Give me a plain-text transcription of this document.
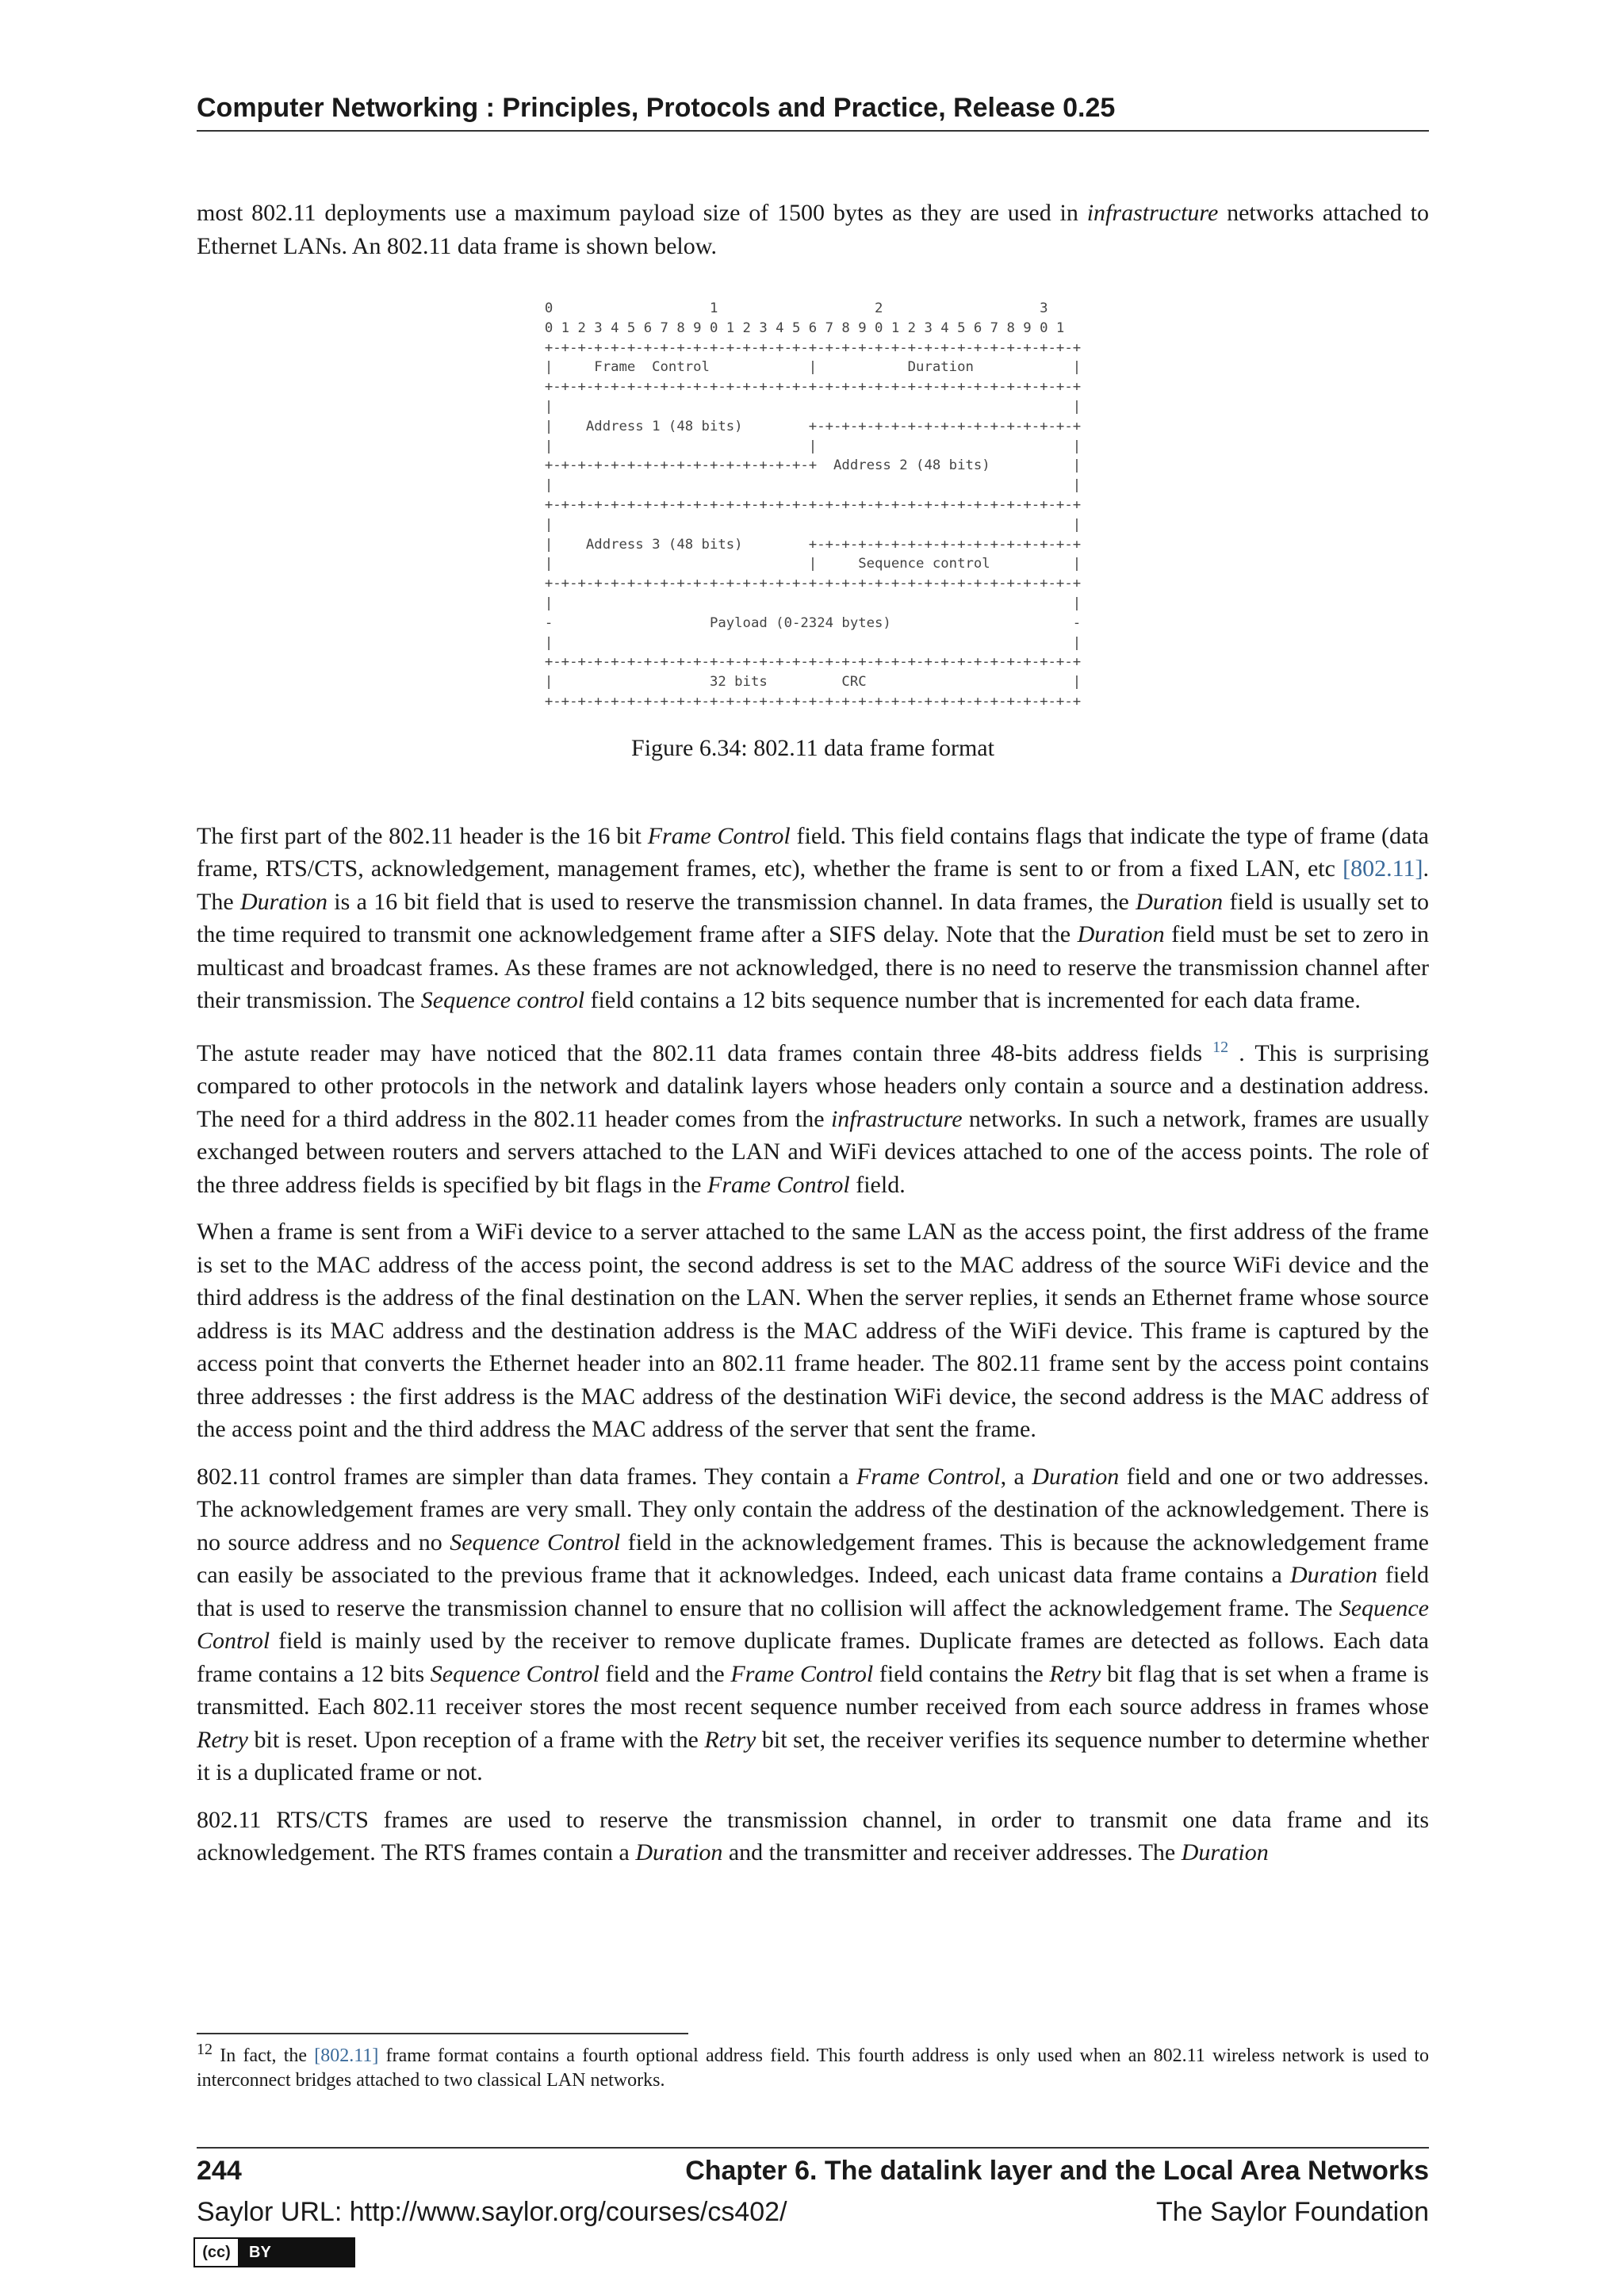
Computer Networking : Principles, Protocols and Practice, Release 0.25

most 802.11 deployments use a maximum payload size of 1500 bytes as they are used in infrastructure networks attached to Ethernet LANs. An 802.11 data frame is shown below.

0                   1                   2                   3
0 1 2 3 4 5 6 7 8 9 0 1 2 3 4 5 6 7 8 9 0 1 2 3 4 5 6 7 8 9 0 1
+-+-+-+-+-+-+-+-+-+-+-+-+-+-+-+-+-+-+-+-+-+-+-+-+-+-+-+-+-+-+-+-+
|     Frame  Control            |           Duration            |
+-+-+-+-+-+-+-+-+-+-+-+-+-+-+-+-+-+-+-+-+-+-+-+-+-+-+-+-+-+-+-+-+
|                                                               |
|    Address 1 (48 bits)        +-+-+-+-+-+-+-+-+-+-+-+-+-+-+-+-+
|                               |                               |
+-+-+-+-+-+-+-+-+-+-+-+-+-+-+-+-+  Address 2 (48 bits)          |
|                                                               |
+-+-+-+-+-+-+-+-+-+-+-+-+-+-+-+-+-+-+-+-+-+-+-+-+-+-+-+-+-+-+-+-+
|                                                               |
|    Address 3 (48 bits)        +-+-+-+-+-+-+-+-+-+-+-+-+-+-+-+-+
|                               |     Sequence control          |
+-+-+-+-+-+-+-+-+-+-+-+-+-+-+-+-+-+-+-+-+-+-+-+-+-+-+-+-+-+-+-+-+
|                                                               |
-                   Payload (0-2324 bytes)                      -
|                                                               |
+-+-+-+-+-+-+-+-+-+-+-+-+-+-+-+-+-+-+-+-+-+-+-+-+-+-+-+-+-+-+-+-+
|                   32 bits         CRC                         |
+-+-+-+-+-+-+-+-+-+-+-+-+-+-+-+-+-+-+-+-+-+-+-+-+-+-+-+-+-+-+-+-+
Figure 6.34: 802.11 data frame format

The first part of the 802.11 header is the 16 bit Frame Control field. This field contains flags that indicate the type of frame (data frame, RTS/CTS, acknowledgement, management frames, etc), whether the frame is sent to or from a fixed LAN, etc [802.11]. The Duration is a 16 bit field that is used to reserve the transmission channel. In data frames, the Duration field is usually set to the time required to transmit one acknowledgement frame after a SIFS delay. Note that the Duration field must be set to zero in multicast and broadcast frames. As these frames are not acknowledged, there is no need to reserve the transmission channel after their transmission. The Sequence control field contains a 12 bits sequence number that is incremented for each data frame.

The astute reader may have noticed that the 802.11 data frames contain three 48-bits address fields $^{12}$ . This is surprising compared to other protocols in the network and datalink layers whose headers only contain a source and a destination address. The need for a third address in the 802.11 header comes from the infrastructure networks. In such a network, frames are usually exchanged between routers and servers attached to the LAN and WiFi devices attached to one of the access points. The role of the three address fields is specified by bit flags in the Frame Control field.

When a frame is sent from a WiFi device to a server attached to the same LAN as the access point, the first address of the frame is set to the MAC address of the access point, the second address is set to the MAC address of the source WiFi device and the third address is the address of the final destination on the LAN. When the server replies, it sends an Ethernet frame whose source address is its MAC address and the destination address is the MAC address of the WiFi device. This frame is captured by the access point that converts the Ethernet header into an 802.11 frame header. The 802.11 frame sent by the access point contains three addresses : the first address is the MAC address of the destination WiFi device, the second address is the MAC address of the access point and the third address the MAC address of the server that sent the frame.

802.11 control frames are simpler than data frames. They contain a Frame Control, a Duration field and one or two addresses. The acknowledgement frames are very small. They only contain the address of the destination of the acknowledgement. There is no source address and no Sequence Control field in the acknowledgement frames. This is because the acknowledgement frame can easily be associated to the previous frame that it acknowledges. Indeed, each unicast data frame contains a Duration field that is used to reserve the transmission channel to ensure that no collision will affect the acknowledgement frame. The Sequence Control field is mainly used by the receiver to remove duplicate frames. Duplicate frames are detected as follows. Each data frame contains a 12 bits Sequence Control field and the Frame Control field contains the Retry bit flag that is set when a frame is transmitted. Each 802.11 receiver stores the most recent sequence number received from each source address in frames whose Retry bit is reset. Upon reception of a frame with the Retry bit set, the receiver verifies its sequence number to determine whether it is a duplicated frame or not.

802.11 RTS/CTS frames are used to reserve the transmission channel, in order to transmit one data frame and its acknowledgement. The RTS frames contain a Duration and the transmitter and receiver addresses. The Duration

$^{12}$ In fact, the [802.11] frame format contains a fourth optional address field. This fourth address is only used when an 802.11 wireless network is used to interconnect bridges attached to two classical LAN networks.
244	Chapter 6. The datalink layer and the Local Area Networks
Saylor URL: http://www.saylor.org/courses/cs402/	The Saylor Foundation
(cc)	BY
